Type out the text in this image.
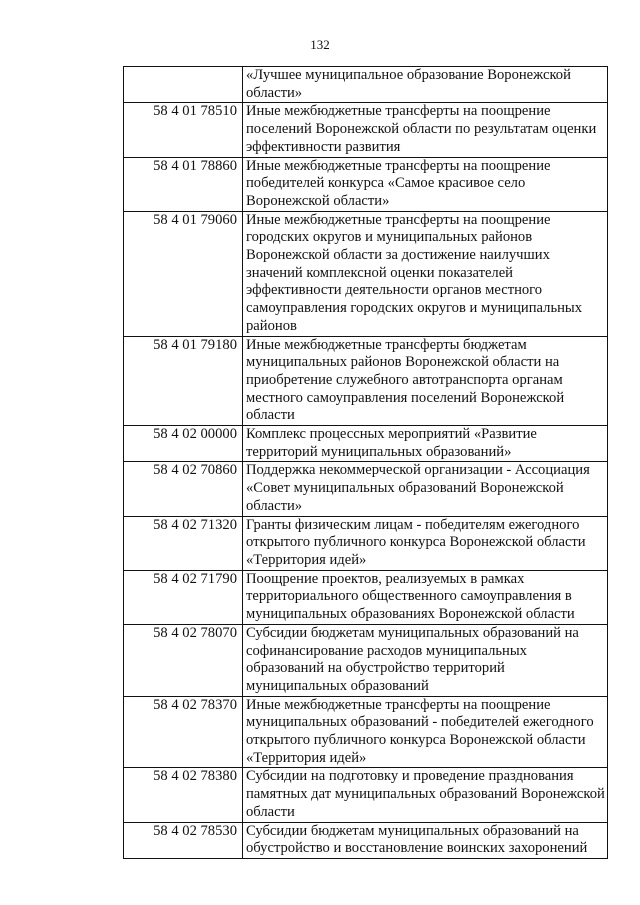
132
	«Лучшее муниципальное образование Воронежской области»
58 4 01 78510	Иные межбюджетные трансферты на поощрение поселений Воронежской области по результатам оценки эффективности развития
58 4 01 78860	Иные межбюджетные трансферты на поощрение победителей конкурса «Самое красивое село Воронежской области»
58 4 01 79060	Иные межбюджетные трансферты на поощрение городских округов и муниципальных районов Воронежской области за достижение наилучших значений комплексной оценки показателей эффективности деятельности органов местного самоуправления городских округов и муниципальных районов
58 4 01 79180	Иные межбюджетные трансферты бюджетам муниципальных районов Воронежской области на приобретение служебного автотранспорта органам местного самоуправления поселений Воронежской области
58 4 02 00000	Комплекс процессных мероприятий «Развитие территорий муниципальных образований»
58 4 02 70860	Поддержка некоммерческой организации - Ассоциация «Совет муниципальных образований Воронежской области»
58 4 02 71320	Гранты физическим лицам - победителям ежегодного открытого публичного конкурса Воронежской области «Территория идей»
58 4 02 71790	Поощрение проектов, реализуемых в рамках территориального общественного самоуправления в муниципальных образованиях Воронежской области
58 4 02 78070	Субсидии бюджетам муниципальных образований на софинансирование расходов муниципальных образований на обустройство территорий муниципальных образований
58 4 02 78370	Иные межбюджетные трансферты на поощрение муниципальных образований - победителей ежегодного открытого публичного конкурса Воронежской области «Территория идей»
58 4 02 78380	Субсидии на подготовку и проведение празднования памятных дат муниципальных образований Воронежской области
58 4 02 78530	Субсидии бюджетам муниципальных образований на обустройство и восстановление воинских захоронений
